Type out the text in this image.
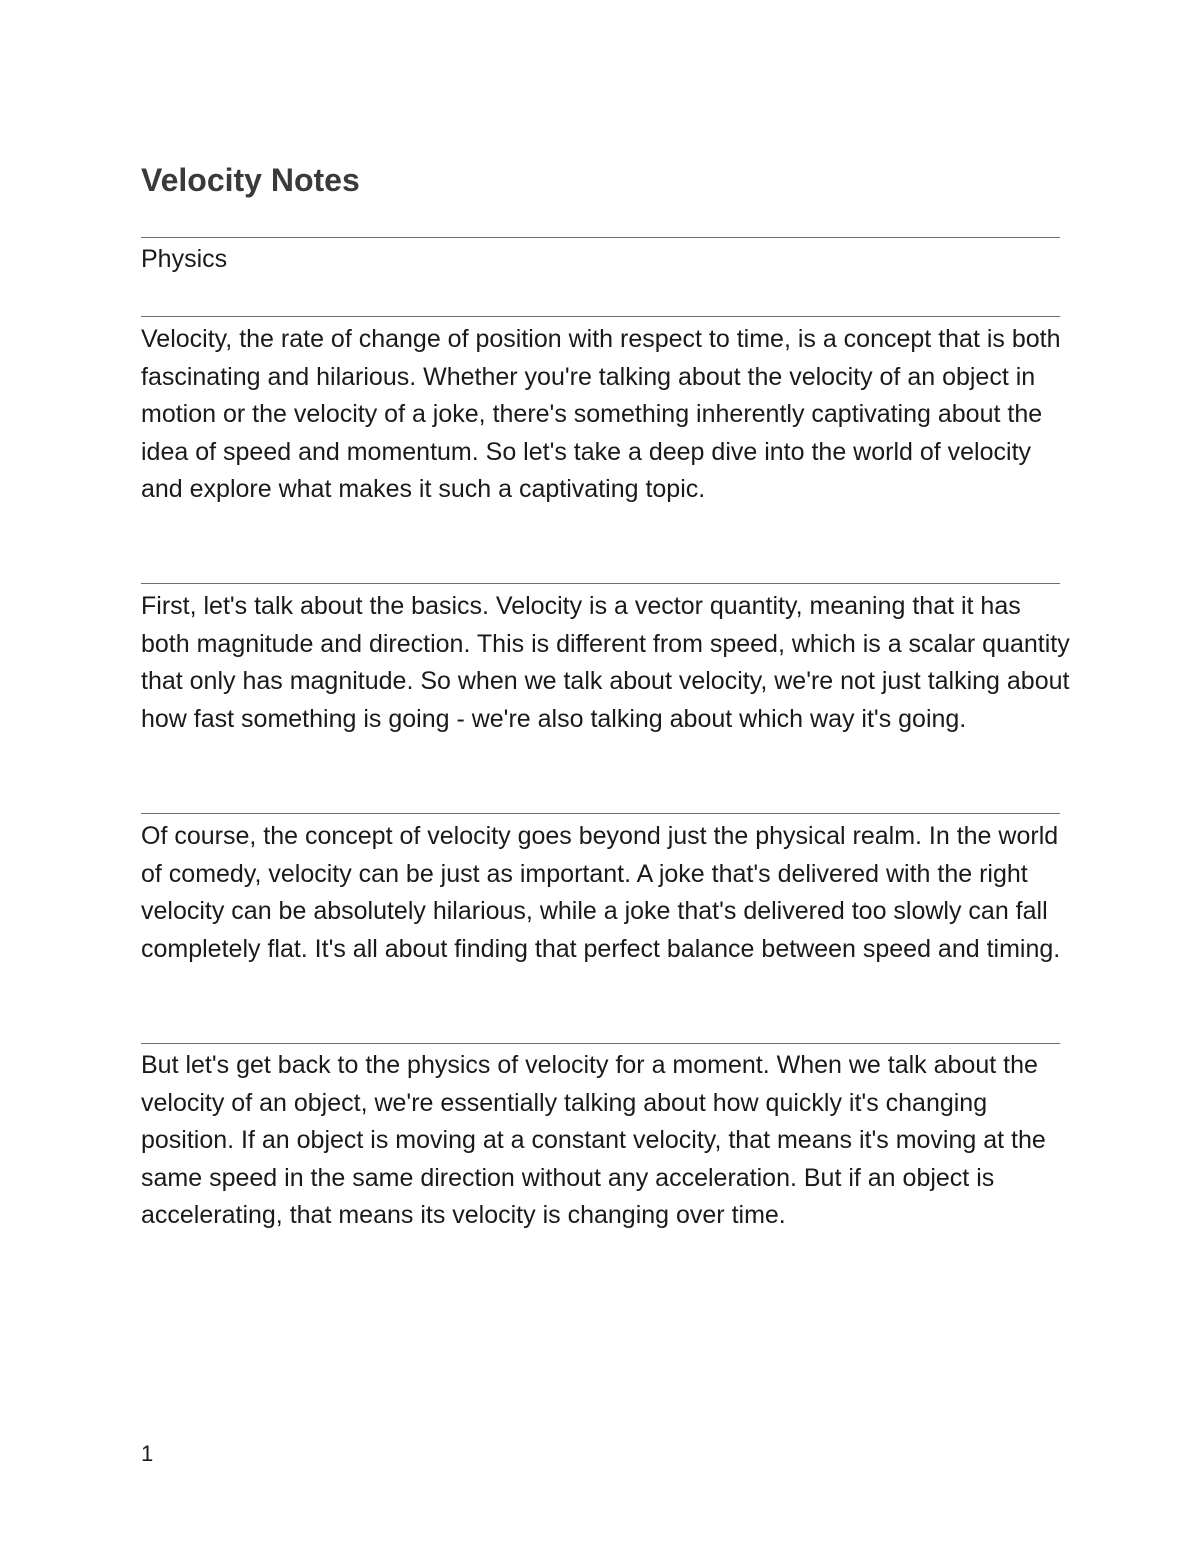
Velocity Notes

Physics

Velocity, the rate of change of position with respect to time, is a concept that is both fascinating and hilarious. Whether you're talking about the velocity of an object in motion or the velocity of a joke, there's something inherently captivating about the idea of speed and momentum. So let's take a deep dive into the world of velocity and explore what makes it such a captivating topic.

First, let's talk about the basics. Velocity is a vector quantity, meaning that it has both magnitude and direction. This is different from speed, which is a scalar quantity that only has magnitude. So when we talk about velocity, we're not just talking about how fast something is going - we're also talking about which way it's going.

Of course, the concept of velocity goes beyond just the physical realm. In the world of comedy, velocity can be just as important. A joke that's delivered with the right velocity can be absolutely hilarious, while a joke that's delivered too slowly can fall completely flat. It's all about finding that perfect balance between speed and timing.

But let's get back to the physics of velocity for a moment. When we talk about the velocity of an object, we're essentially talking about how quickly it's changing position. If an object is moving at a constant velocity, that means it's moving at the same speed in the same direction without any acceleration. But if an object is accelerating, that means its velocity is changing over time.

1
